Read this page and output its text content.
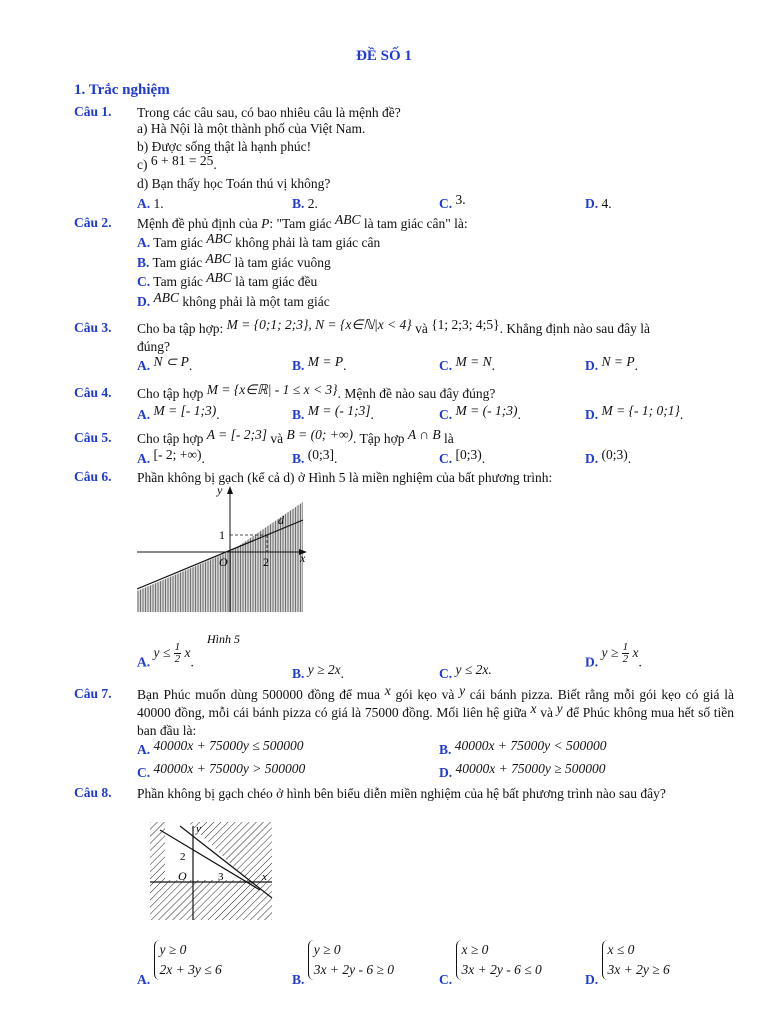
ĐỀ SỐ 1
1. Trắc nghiệm
Câu 1. Trong các câu sau, có bao nhiêu câu là mệnh đề?
a) Hà Nội là một thành phố của Việt Nam.
b) Được sống thật là hạnh phúc!
c) 6 + 81 = 25.
d) Bạn thấy học Toán thú vị không?
A. 1.	B. 2.	C. 3.	D. 4.
Câu 2. Mệnh đề phủ định của P: "Tam giác ABC là tam giác cân" là:
A. Tam giác ABC không phải là tam giác cân
B. Tam giác ABC là tam giác vuông
C. Tam giác ABC là tam giác đều
D. ABC không phải là một tam giác
Câu 3. Cho ba tập hợp: M = {0;1; 2;3}, N = {x∈ℕ|x < 4} và {1; 2;3; 4;5}. Khẳng định nào sau đây là
đúng?
A. N ⊂ P.	B. M = P.	C. M = N.	D. N = P.
Câu 4. Cho tập hợp M = {x∈ℝ| - 1 ≤ x < 3}. Mệnh đề nào sau đây đúng?
A. M = [- 1;3).	B. M = (- 1;3].	C. M = (- 1;3).	D. M = {- 1; 0;1}.
Câu 5. Cho tập hợp A = [- 2;3] và B = (0; +∞). Tập hợp A ∩ B là
A. [- 2; +∞).	B. (0;3].	C. [0;3).	D. (0;3).
Câu 6. Phần không bị gạch (kể cả d) ở Hình 5 là miền nghiệm của bất phương trình:
y
x
1
2
O
d
Hình 5
A. $y \le \frac{1}{2} x$.
B. y ≥ 2x.	C. y ≤ 2x.	D. $y \ge \frac{1}{2} x$.
Câu 7. Bạn Phúc muốn dùng 500000 đồng để mua x gói kẹo và y cái bánh pizza. Biết rằng mỗi gói kẹo có giá là 40000 đồng, mỗi cái bánh pizza có giá là 75000 đồng. Mối liên hệ giữa x và y để Phúc không mua hết số tiền ban đầu là:
A. 40000x + 75000y ≤ 500000	B. 40000x + 75000y < 500000
C. 40000x + 75000y > 500000	D. 40000x + 75000y ≥ 500000
Câu 8. Phần không bị gạch chéo ở hình bên biểu diễn miền nghiệm của hệ bất phương trình nào sau đây?
y
2
O	3	x
A. y ≥ 0
2x + 3y ≤ 6
B. y ≥ 0
3x + 2y - 6 ≥ 0
C. x ≥ 0
3x + 2y - 6 ≤ 0
D. x ≤ 0
3x + 2y ≥ 6
